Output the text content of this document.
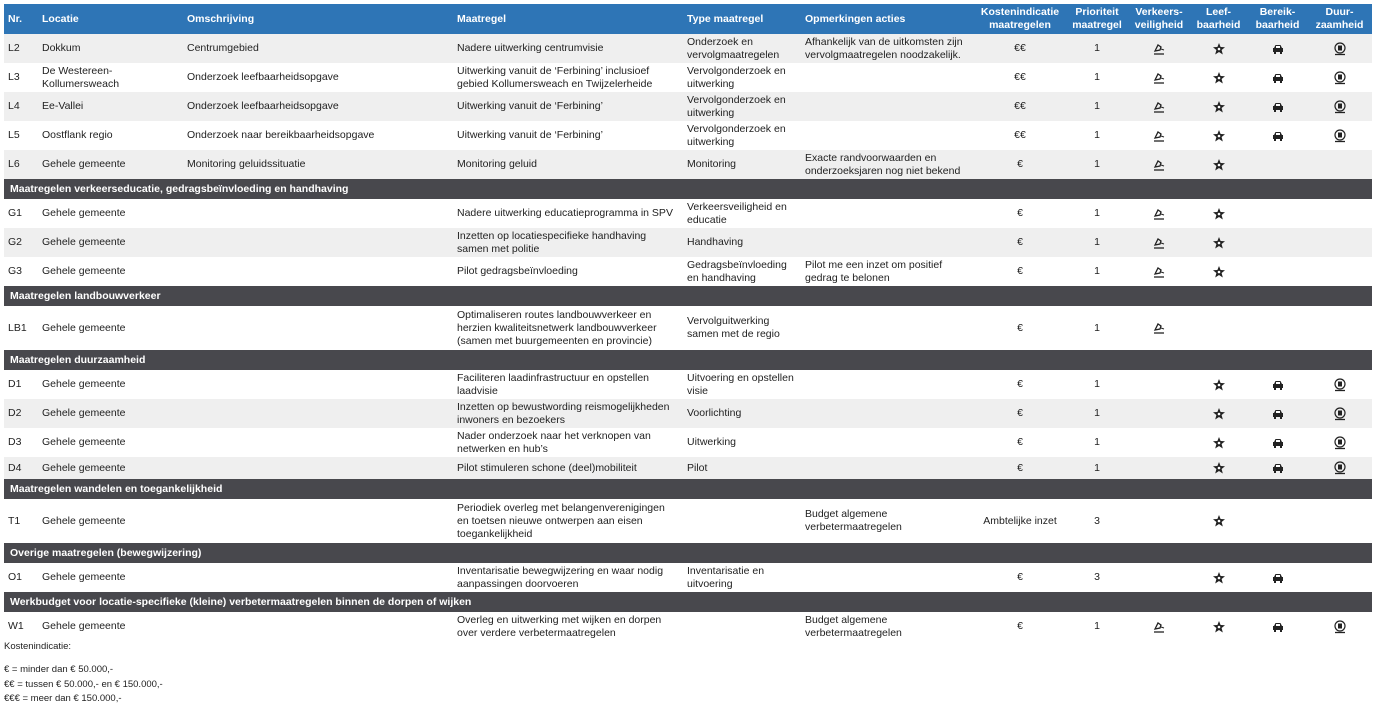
Nr.	Locatie	Omschrijving	Maatregel	Type maatregel	Opmerkingen acties	Kostenindicatie maatregelen	Prioriteit maatregel	Verkeers- veiligheid	Leef- baarheid	Bereik- baarheid	Duur- zaamheid
L2	Dokkum	Centrumgebied	Nadere uitwerking centrumvisie	Onderzoek en vervolgmaatregelen	Afhankelijk van de uitkomsten zijn vervolgmaatregelen noodzakelijk.	€€	1				
L3	De Westereen-Kollumersweach	Onderzoek leefbaarheidsopgave	Uitwerking vanuit de ‘Ferbining’ inclusioef gebied Kollumersweach en Twijzelerheide	Vervolgonderzoek en uitwerking		€€	1				
L4	Ee-Vallei	Onderzoek leefbaarheidsopgave	Uitwerking vanuit de ‘Ferbining’	Vervolgonderzoek en uitwerking		€€	1				
L5	Oostflank regio	Onderzoek naar bereikbaarheidsopgave	Uitwerking vanuit de ‘Ferbining’	Vervolgonderzoek en uitwerking		€€	1				
L6	Gehele gemeente	Monitoring geluidssituatie	Monitoring geluid	Monitoring	Exacte randvoorwaarden en onderzoeksjaren nog niet bekend	€	1				
Maatregelen verkeerseducatie, gedragsbeïnvloeding en handhaving											
G1	Gehele gemeente		Nadere uitwerking educatieprogramma in SPV	Verkeersveiligheid en educatie		€	1				
G2	Gehele gemeente		Inzetten op locatiespecifieke handhaving samen met politie	Handhaving		€	1				
G3	Gehele gemeente		Pilot gedragsbeïnvloeding	Gedragsbeïnvloeding en handhaving	Pilot me een inzet om positief gedrag te belonen	€	1				
Maatregelen landbouwverkeer											
LB1	Gehele gemeente		Optimaliseren routes landbouwverkeer en herzien kwaliteitsnetwerk landbouwverkeer (samen met buurgemeenten en provincie)	Vervolguitwerking samen met de regio		€	1				
Maatregelen duurzaamheid											
D1	Gehele gemeente		Faciliteren laadinfrastructuur en opstellen laadvisie	Uitvoering en opstellen visie		€	1				
D2	Gehele gemeente		Inzetten op bewustwording reismogelijkheden inwoners en bezoekers	Voorlichting		€	1				
D3	Gehele gemeente		Nader onderzoek naar het verknopen van netwerken en hub’s	Uitwerking		€	1				
D4	Gehele gemeente		Pilot stimuleren schone (deel)mobiliteit	Pilot		€	1				
Maatregelen wandelen en toegankelijkheid											
T1	Gehele gemeente		Periodiek overleg met belangenverenigingen en toetsen nieuwe ontwerpen aan eisen toegankelijkheid		Budget algemene verbetermaatregelen	Ambtelijke inzet	3				
Overige maatregelen (bewegwijzering)											
O1	Gehele gemeente		Inventarisatie bewegwijzering en waar nodig aanpassingen doorvoeren	Inventarisatie en uitvoering		€	3				
Werkbudget voor locatie-specifieke (kleine) verbetermaatregelen binnen de dorpen of wijken											
W1	Gehele gemeente		Overleg en uitwerking met wijken en dorpen over verdere verbetermaatregelen		Budget algemene verbetermaatregelen	€	1				
Kostenindicatie:
€ = minder dan € 50.000,-
€€ = tussen € 50.000,- en € 150.000,-
€€€ = meer dan € 150.000,-
